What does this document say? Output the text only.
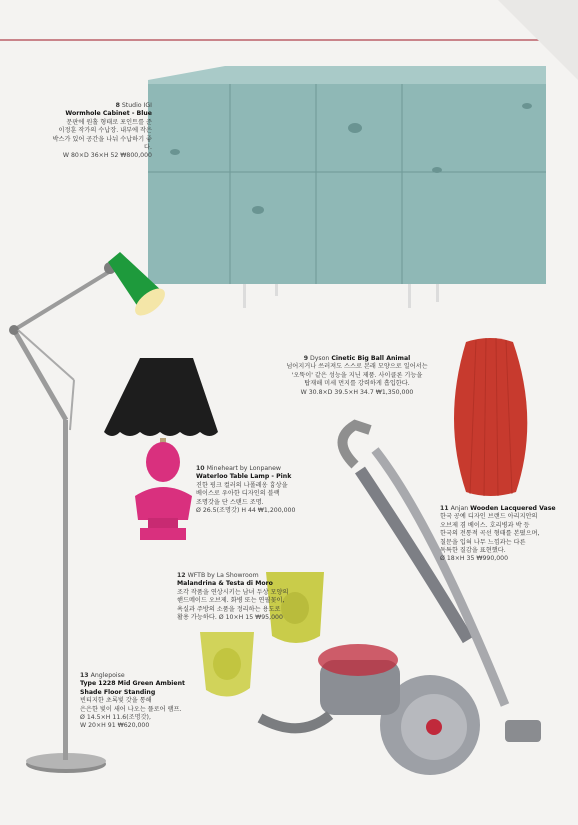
8 Studio IGI
Wormhole Cabinet - Blue
문판에 원홀 형태로 포인트를 준
이정훈 작가의 수납장. 내부에 작은
박스가 있어 공간을 나눠 수납하기 좋다.
W 80×D 36×H 52 ₩800,000
9 Dyson Cinetic Big Ball Animal
넘어지거나 쓰러져도 스스로 본래 모양으로 일어서는
'오뚝이' 같은 성능을 지닌 제품. 사이클론 기능을
탑재해 미세 먼지를 강력하게 흡입한다.
W 30.8×D 39.5×H 34.7 ₩1,350,000
10 Mineheart by Lonpanew
Waterloo Table Lamp - Pink
진한 핑크 컬러의 나폴레옹 흉상을
베이스로 우아한 디자인의 블랙
조명갓을 단 스탠드 조명.
Ø 26.5(조명갓) H 44 ₩1,200,000	11 Anjan Wooden Lacquered Vase
한국 공예 디자인 브랜드 아리지안의
오브제 겸 베이스. 호리병과 박 등
한국의 전통적 곡선 형태를 본떴으며,
칠문을 입혀 나무 느낌과는 다른
독특한 질감을 표현했다.
Ø 18×H 35 ₩990,000
12 WFTB by La Showroom
Malandrina & Testa di Moro
조각 작품을 연상시키는 남녀 두상 모양의
핸드메이드 오브제. 화병 또는 연필꽂이,
욕실과 주방의 소품을 정리하는 용도로
활용 가능하다. Ø 10×H 15 ₩95,000
13 Anglepoise
Type 1228 Mid Green Ambient Shade Floor Standing
빈티지한 초록빛 갓을 통해
은은한 빛이 새어 나오는 플로어 램프.
Ø 14.5×H 11.6(조명갓),
W 20×H 91 ₩620,000
